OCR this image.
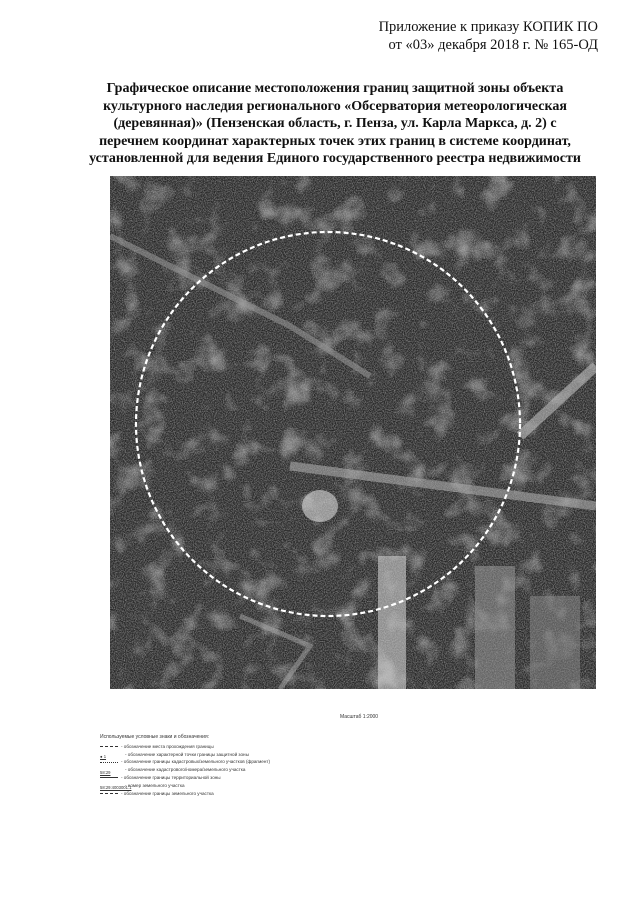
Приложение к приказу КОПИК ПО
от «03» декабря 2018 г. № 165-ОД
Графическое описание местоположения границ защитной зоны объекта
культурного наследия регионального «Обсерватория метеорологическая
(деревянная)» (Пензенская область, г. Пенза, ул. Карла Маркса, д. 2) с
перечнем координат характерных точек этих границ в системе координат,
установленной для ведения Единого государственного реестра недвижимости
Масштаб 1:2000
Используемые условные знаки и обозначения:
- обозначение места прохождения границы
● 1	- обозначение характерной точки границы защитной зоны
- обозначение границы кадастровых/земельного участков (фрагмент)
58:29	- обозначение кадастрового/номера/земельного участка
- обозначение границы территориальной зоны
58:29:4003001:1
- номер земельного участка
- обозначение границы земельного участка
